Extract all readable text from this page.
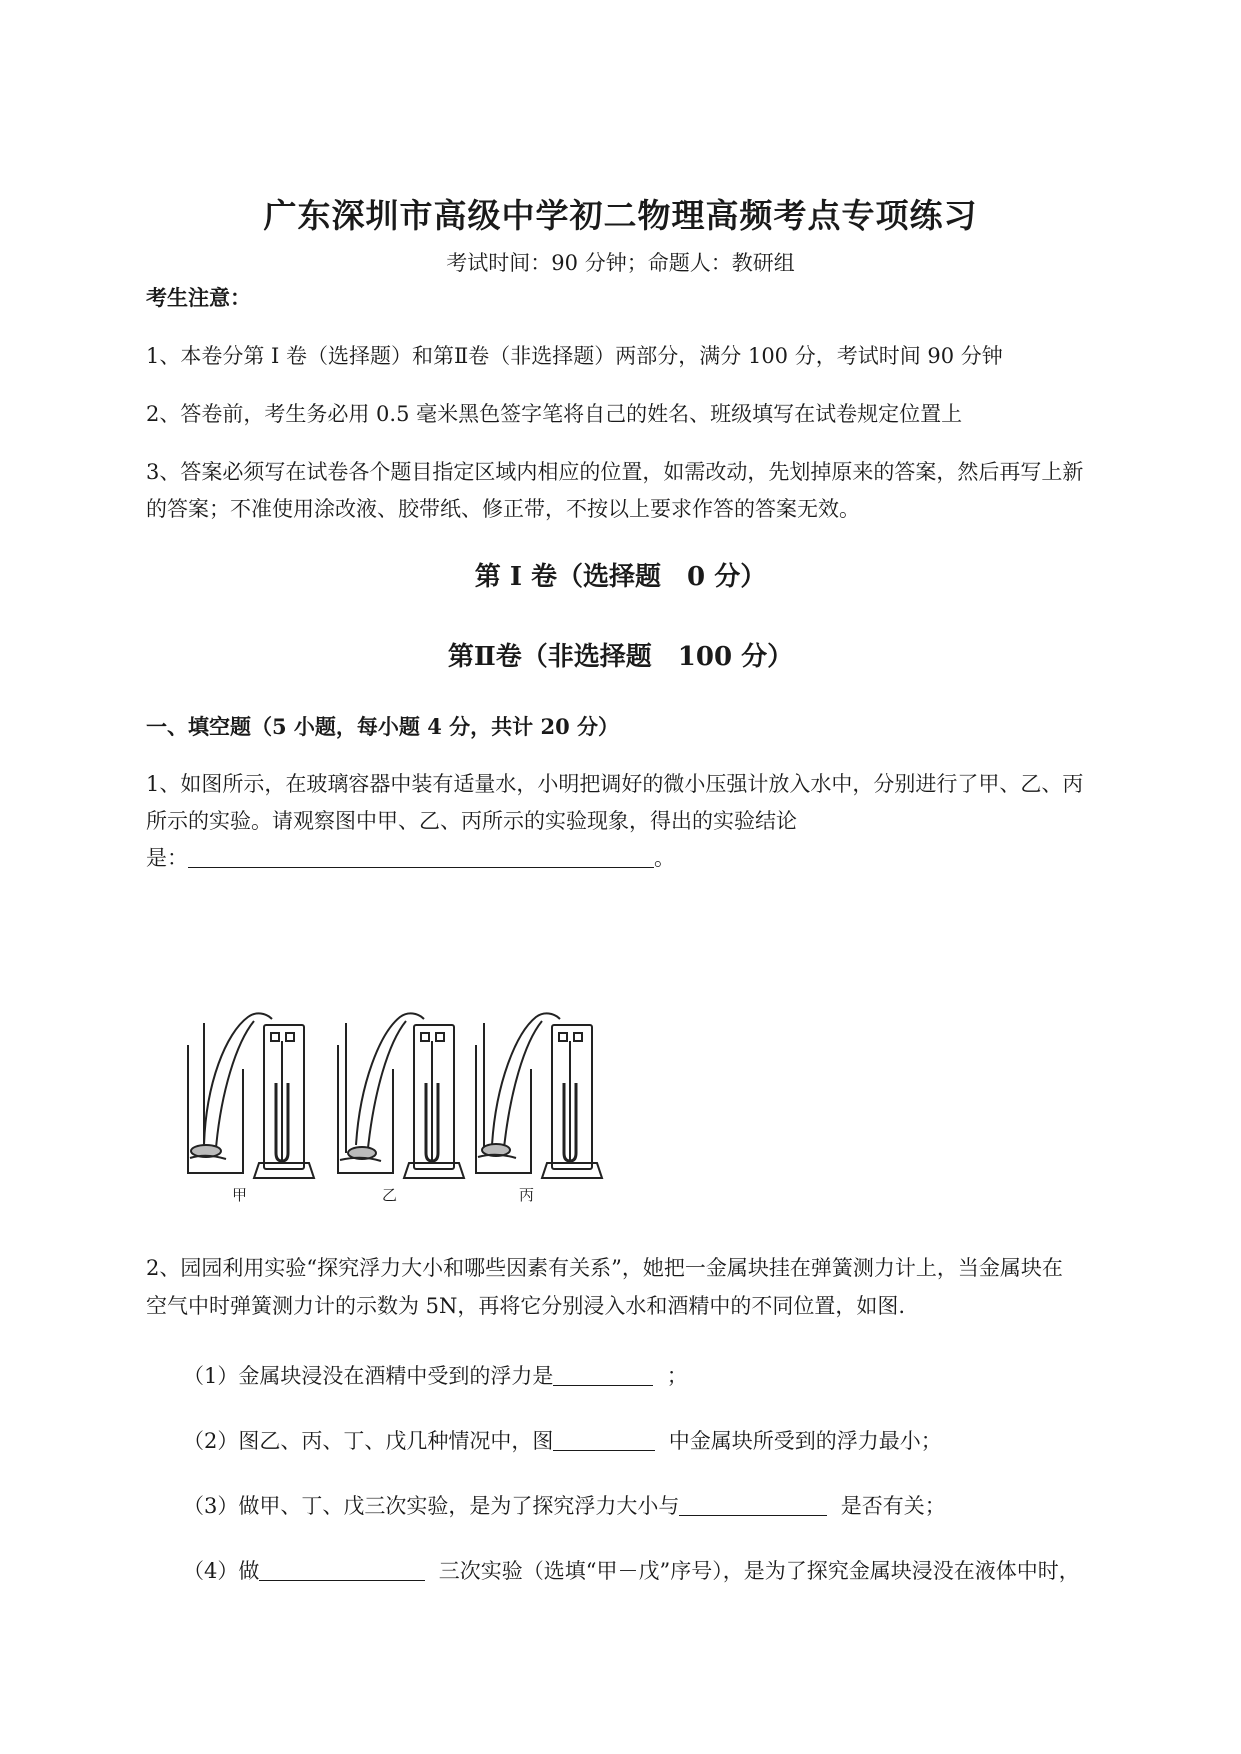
广东深圳市高级中学初二物理高频考点专项练习
考试时间：90 分钟；命题人：教研组
考生注意：
1、本卷分第 I 卷（选择题）和第Ⅱ卷（非选择题）两部分，满分 100 分，考试时间 90 分钟
2、答卷前，考生务必用 0.5 毫米黑色签字笔将自己的姓名、班级填写在试卷规定位置上
3、答案必须写在试卷各个题目指定区域内相应的位置，如需改动，先划掉原来的答案，然后再写上新
的答案；不准使用涂改液、胶带纸、修正带，不按以上要求作答的答案无效。
第 I 卷（选择题　0 分）
第Ⅱ卷（非选择题　100 分）
一、填空题（5 小题，每小题 4 分，共计 20 分）
1、如图所示，在玻璃容器中装有适量水，小明把调好的微小压强计放入水中，分别进行了甲、乙、丙
所示的实验。请观察图中甲、乙、丙所示的实验现象，得出的实验结论
是：	。
甲	乙	丙
2、园园利用实验“探究浮力大小和哪些因素有关系”，她把一金属块挂在弹簧测力计上，当金属块在
空气中时弹簧测力计的示数为 5N，再将它分别浸入水和酒精中的不同位置，如图.
（1）金属块浸没在酒精中受到的浮力是	；
（2）图乙、丙、丁、戊几种情况中，图	中金属块所受到的浮力最小；
（3）做甲、丁、戊三次实验，是为了探究浮力大小与	是否有关；
（4）做	三次实验（选填“甲－戊”序号），是为了探究金属块浸没在液体中时，
